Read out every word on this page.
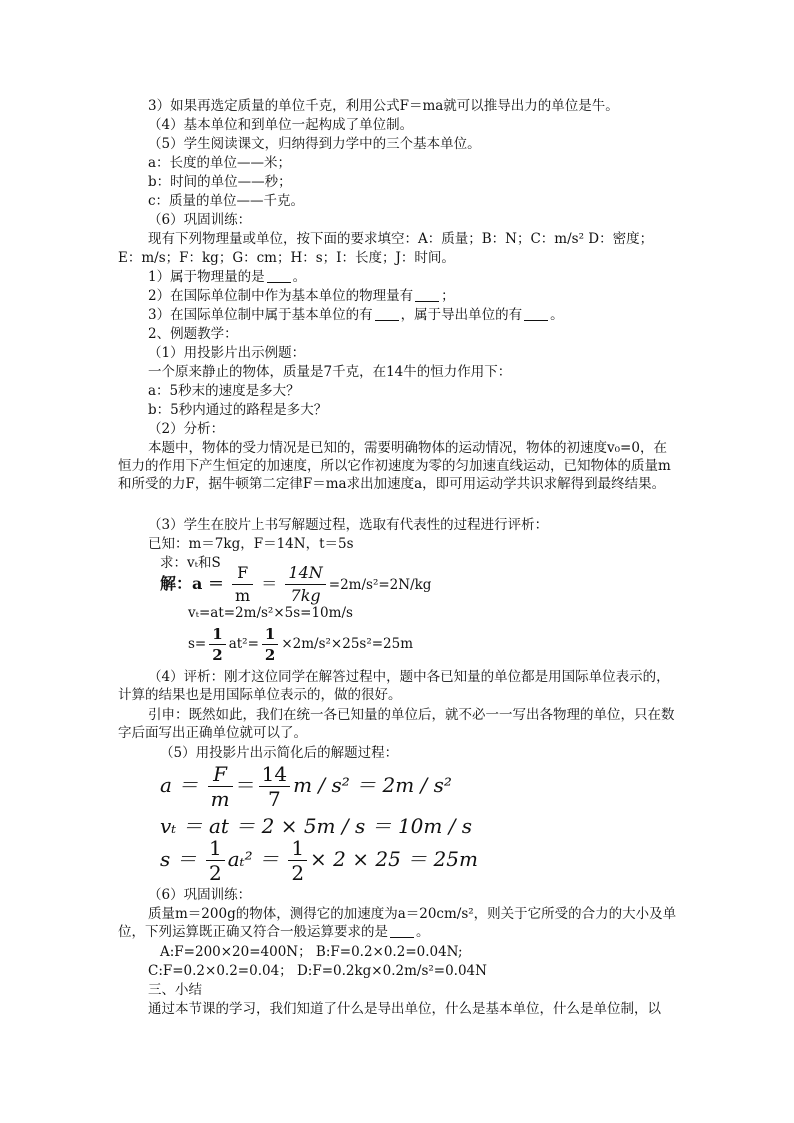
3）如果再选定质量的单位千克，利用公式F＝ma就可以推导出力的单位是牛。
（4）基本单位和到单位一起构成了单位制。
（5）学生阅读课文，归纳得到力学中的三个基本单位。
a：长度的单位——米；
b：时间的单位——秒；
c：质量的单位——千克。
（6）巩固训练：
现有下列物理量或单位，按下面的要求填空：A：质量；B：N；C：m/s² D：密度；
E：m/s；F：kg；G：cm；H：s；I：长度；J：时间。
1）属于物理量的是 。
2）在国际单位制中作为基本单位的物理量有 ；
3）在国际单位制中属于基本单位的有 ，属于导出单位的有 。
2、例题教学：
（1）用投影片出示例题：
一个原来静止的物体，质量是7千克，在14牛的恒力作用下：
a：5秒末的速度是多大？
b：5秒内通过的路程是多大？
（2）分析：
本题中，物体的受力情况是已知的，需要明确物体的运动情况，物体的初速度v₀=0，在恒力的作用下产生恒定的加速度，所以它作初速度为零的匀加速直线运动，已知物体的质量m和所受的力F，据牛顿第二定律F＝ma求出加速度a，即可用运动学共识求解得到最终结果。
（3）学生在胶片上书写解题过程，选取有代表性的过程进行评析：
已知：m＝7kg，F＝14N，t＝5s
求：vₜ和S
解：$a = \frac{F}{m} = \frac{14N}{7kg} =2m/s^2=2N/kg$
vₜ=at=2m/s²×5s=10m/s
$s= \frac{1}{2} at^2= \frac{1}{2} \times 2m/s^2\times 25s^2=25m$
（4）评析：刚才这位同学在解答过程中，题中各已知量的单位都是用国际单位表示的，计算的结果也是用国际单位表示的，做的很好。
引申：既然如此，我们在统一各已知量的单位后，就不必一一写出各物理的单位，只在数字后面写出正确单位就可以了。
（5）用投影片出示简化后的解题过程：
$a = \frac{F}{m} = \frac{14}{7}$ m / s² ＝ 2m / s²
vₜ ＝ at ＝ 2 × 5m / s ＝ 10m / s
$s = \frac{1}{2} a_t^2 = \frac{1}{2} \times 2 \times 25 = 25m$
（6）巩固训练：
质量m＝200g的物体，测得它的加速度为a＝20cm/s²，则关于它所受的合力的大小及单位，下列运算既正确又符合一般运算要求的是 。
A:F=200×20=400N； B:F=0.2×0.2=0.04N;
C:F=0.2×0.2=0.04； D:F=0.2kg×0.2m/s²=0.04N
三、小结
通过本节课的学习，我们知道了什么是导出单位，什么是基本单位，什么是单位制，以
